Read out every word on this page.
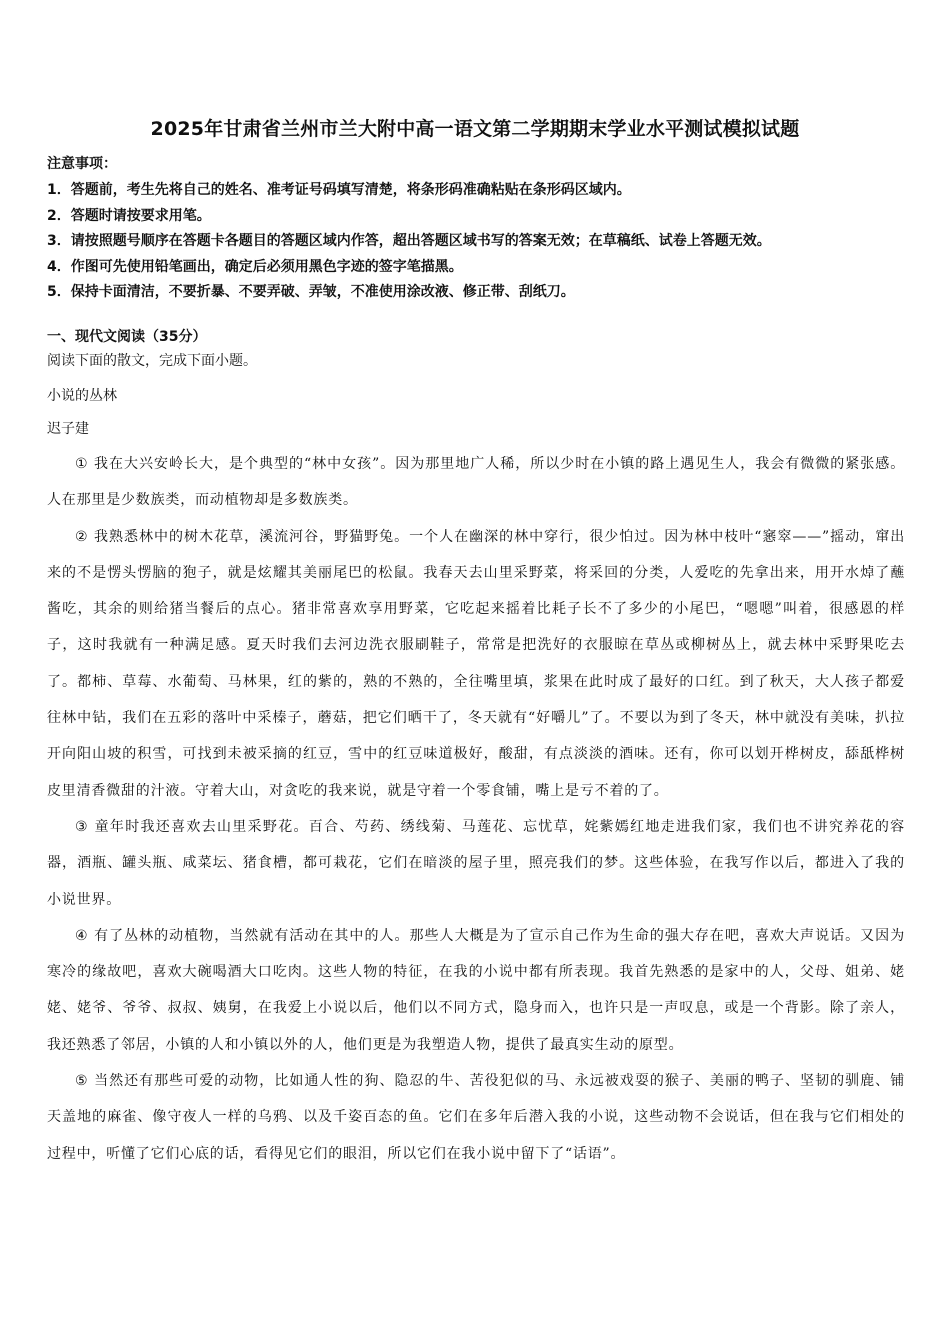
2025年甘肃省兰州市兰大附中高一语文第二学期期末学业水平测试模拟试题
注意事项：
1．答题前，考生先将自己的姓名、准考证号码填写清楚，将条形码准确粘贴在条形码区域内。
2．答题时请按要求用笔。
3．请按照题号顺序在答题卡各题目的答题区域内作答，超出答题区域书写的答案无效；在草稿纸、试卷上答题无效。
4．作图可先使用铅笔画出，确定后必须用黑色字迹的签字笔描黑。
5．保持卡面清洁，不要折暴、不要弄破、弄皱，不准使用涂改液、修正带、刮纸刀。
一、现代文阅读（35分）
阅读下面的散文，完成下面小题。
小说的丛林
迟子建

① 我在大兴安岭长大，是个典型的“林中女孩”。因为那里地广人稀，所以少时在小镇的路上遇见生人，我会有微微的紧张感。人在那里是少数族类，而动植物却是多数族类。

② 我熟悉林中的树木花草，溪流河谷，野猫野兔。一个人在幽深的林中穿行，很少怕过。因为林中枝叶“窸窣——”摇动，窜出来的不是愣头愣脑的狍子，就是炫耀其美丽尾巴的松鼠。我春天去山里采野菜，将采回的分类，人爱吃的先拿出来，用开水焯了蘸酱吃，其余的则给猪当餐后的点心。猪非常喜欢享用野菜，它吃起来摇着比耗子长不了多少的小尾巴，“嗯嗯”叫着，很感恩的样子，这时我就有一种满足感。夏天时我们去河边洗衣服刷鞋子，常常是把洗好的衣服晾在草丛或柳树丛上，就去林中采野果吃去了。都柿、草莓、水葡萄、马林果，红的紫的，熟的不熟的，全往嘴里填，浆果在此时成了最好的口红。到了秋天，大人孩子都爱往林中钻，我们在五彩的落叶中采榛子，蘑菇，把它们晒干了，冬天就有“好嚼儿”了。不要以为到了冬天，林中就没有美味，扒拉开向阳山坡的积雪，可找到未被采摘的红豆，雪中的红豆味道极好，酸甜，有点淡淡的酒味。还有，你可以划开桦树皮，舔舐桦树皮里清香微甜的汁液。守着大山，对贪吃的我来说，就是守着一个零食铺，嘴上是亏不着的了。

③ 童年时我还喜欢去山里采野花。百合、芍药、绣线菊、马莲花、忘忧草，姹紫嫣红地走进我们家，我们也不讲究养花的容器，酒瓶、罐头瓶、咸菜坛、猪食槽，都可栽花，它们在暗淡的屋子里，照亮我们的梦。这些体验，在我写作以后，都进入了我的小说世界。

④ 有了丛林的动植物，当然就有活动在其中的人。那些人大概是为了宣示自己作为生命的强大存在吧，喜欢大声说话。又因为寒冷的缘故吧，喜欢大碗喝酒大口吃肉。这些人物的特征，在我的小说中都有所表现。我首先熟悉的是家中的人，父母、姐弟、姥姥、姥爷、爷爷、叔叔、姨舅，在我爱上小说以后，他们以不同方式，隐身而入，也许只是一声叹息，或是一个背影。除了亲人，我还熟悉了邻居，小镇的人和小镇以外的人，他们更是为我塑造人物，提供了最真实生动的原型。

⑤ 当然还有那些可爱的动物，比如通人性的狗、隐忍的牛、苦役犯似的马、永远被戏耍的猴子、美丽的鸭子、坚韧的驯鹿、铺天盖地的麻雀、像守夜人一样的乌鸦、以及千姿百态的鱼。它们在多年后潜入我的小说，这些动物不会说话，但在我与它们相处的过程中，听懂了它们心底的话，看得见它们的眼泪，所以它们在我小说中留下了“话语”。
